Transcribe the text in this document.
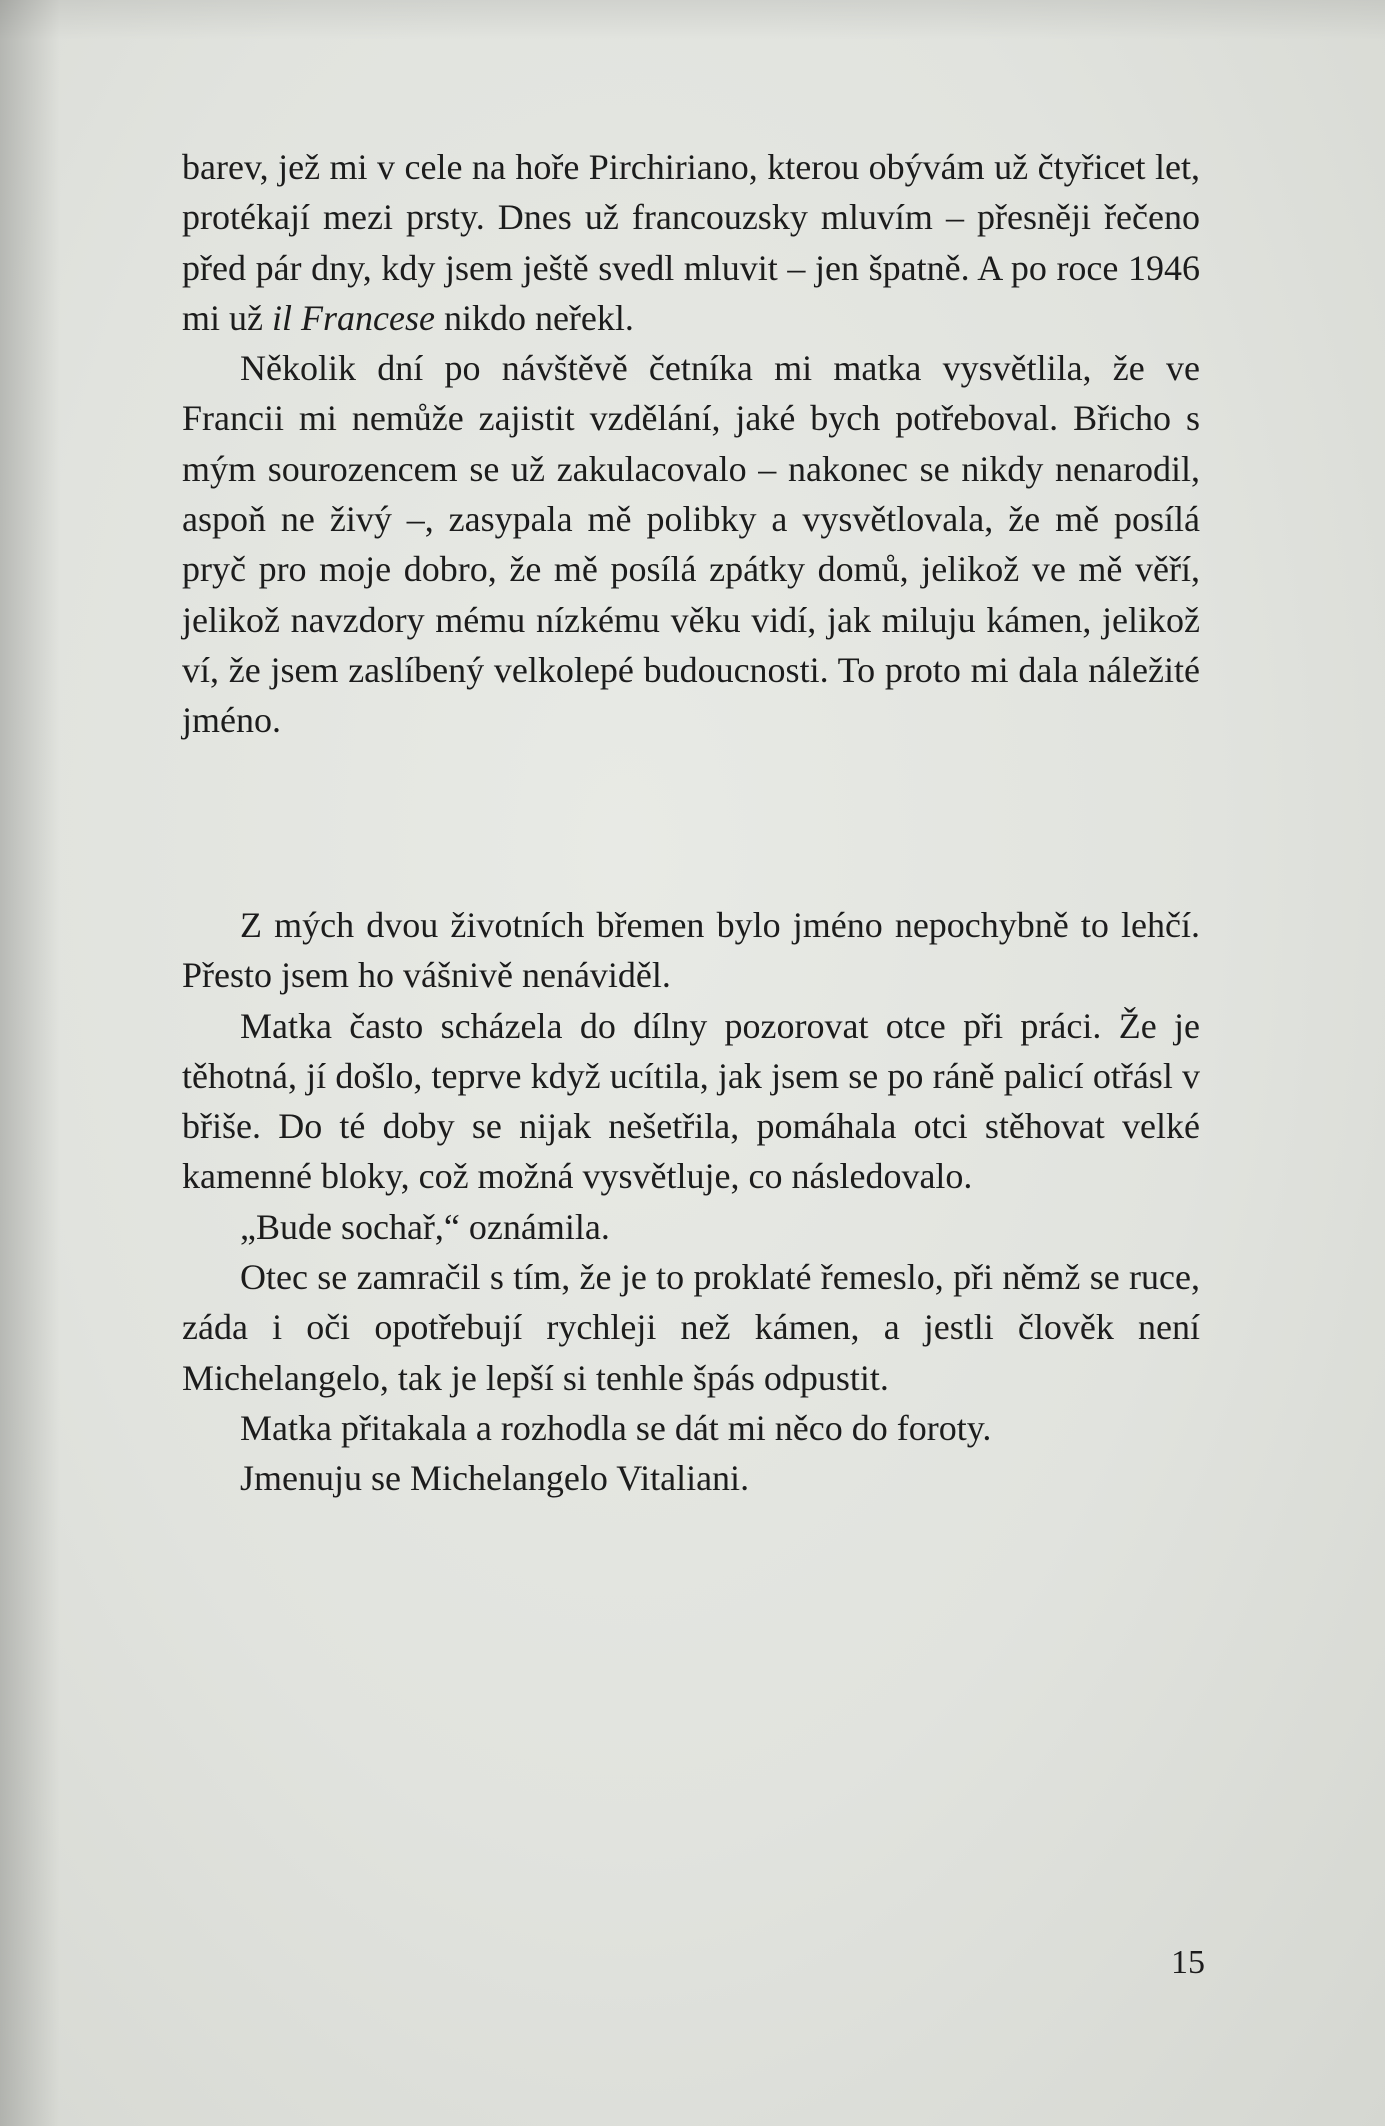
barev, jež mi v cele na hoře Pirchiriano, kterou obývám už čtyřicet let, protékají mezi prsty. Dnes už francouzsky mluvím – přesněji řečeno před pár dny, kdy jsem ještě svedl mluvit – jen špatně. A po roce 1946 mi už il Francese nikdo neřekl.

Několik dní po návštěvě četníka mi matka vysvětlila, že ve Francii mi nemůže zajistit vzdělání, jaké bych potřeboval. Břicho s mým sourozencem se už zakulacovalo – nakonec se nikdy nenarodil, aspoň ne živý –, zasypala mě polibky a vysvětlovala, že mě posílá pryč pro moje dobro, že mě posílá zpátky domů, jelikož ve mě věří, jelikož navzdory mému nízkému věku vidí, jak miluju kámen, jelikož ví, že jsem zaslíbený velkolepé budoucnosti. To proto mi dala náležité jméno.

Z mých dvou životních břemen bylo jméno nepochybně to lehčí. Přesto jsem ho vášnivě nenáviděl.

Matka často scházela do dílny pozorovat otce při práci. Že je těhotná, jí došlo, teprve když ucítila, jak jsem se po ráně palicí otřásl v břiše. Do té doby se nijak nešetřila, pomáhala otci stěhovat velké kamenné bloky, což možná vysvětluje, co následovalo.

„Bude sochař,“ oznámila.

Otec se zamračil s tím, že je to proklaté řemeslo, při němž se ruce, záda i oči opotřebují rychleji než kámen, a jestli člověk není Michelangelo, tak je lepší si tenhle špás odpustit.

Matka přitakala a rozhodla se dát mi něco do foroty.

Jmenuju se Michelangelo Vitaliani.

15
